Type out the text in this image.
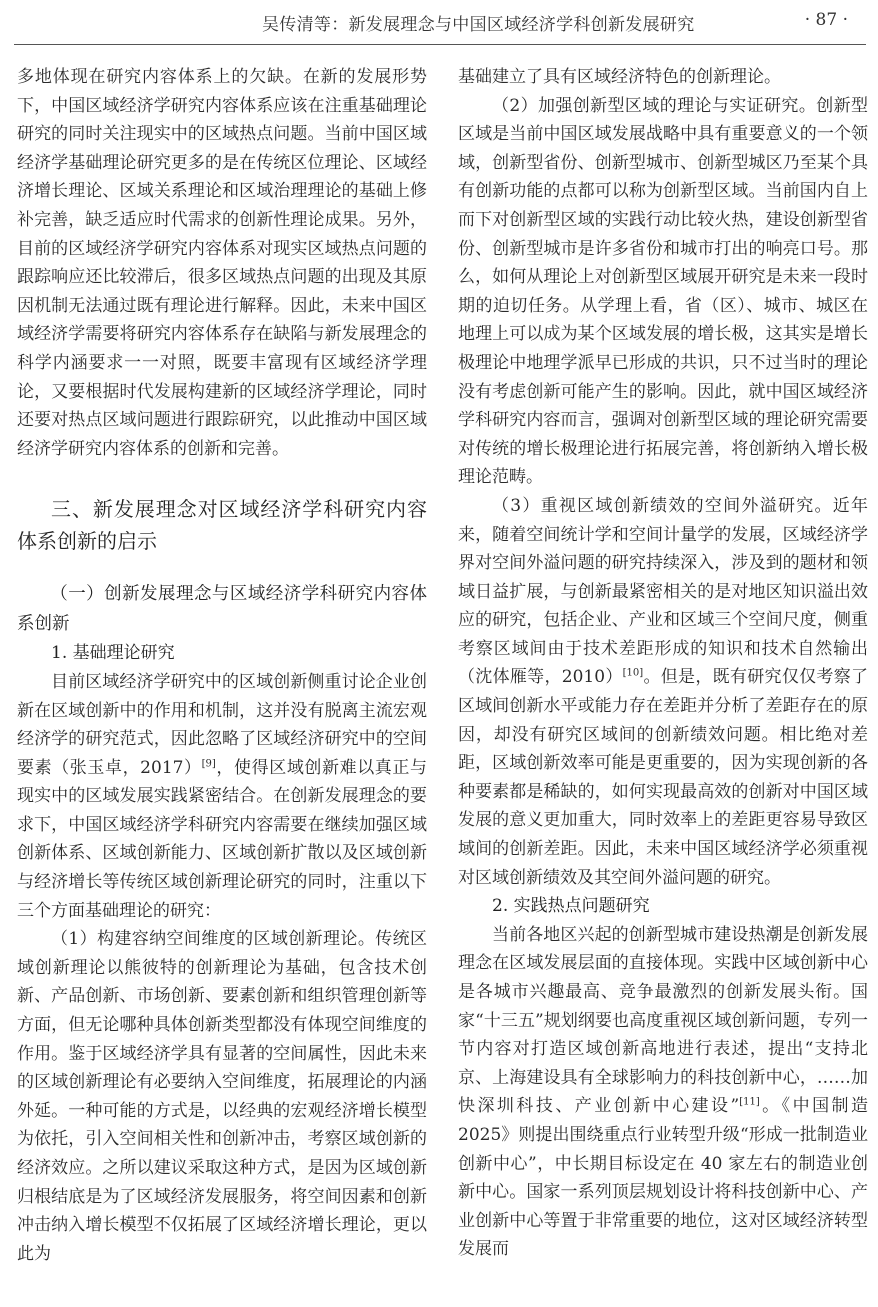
吴传清等：新发展理念与中国区域经济学科创新发展研究	· 87 ·

多地体现在研究内容体系上的欠缺。在新的发展形势下，中国区域经济学研究内容体系应该在注重基础理论研究的同时关注现实中的区域热点问题。当前中国区域经济学基础理论研究更多的是在传统区位理论、区域经济增长理论、区域关系理论和区域治理理论的基础上修补完善，缺乏适应时代需求的创新性理论成果。另外，目前的区域经济学研究内容体系对现实区域热点问题的跟踪响应还比较滞后，很多区域热点问题的出现及其原因机制无法通过既有理论进行解释。因此，未来中国区域经济学需要将研究内容体系存在缺陷与新发展理念的科学内涵要求一一对照，既要丰富现有区域经济学理论，又要根据时代发展构建新的区域经济学理论，同时还要对热点区域问题进行跟踪研究，以此推动中国区域经济学研究内容体系的创新和完善。

三、新发展理念对区域经济学科研究内容体系创新的启示

（一）创新发展理念与区域经济学科研究内容体系创新

1. 基础理论研究

目前区域经济学研究中的区域创新侧重讨论企业创新在区域创新中的作用和机制，这并没有脱离主流宏观经济学的研究范式，因此忽略了区域经济研究中的空间要素（张玉卓，2017）[9]，使得区域创新难以真正与现实中的区域发展实践紧密结合。在创新发展理念的要求下，中国区域经济学科研究内容需要在继续加强区域创新体系、区域创新能力、区域创新扩散以及区域创新与经济增长等传统区域创新理论研究的同时，注重以下三个方面基础理论的研究：

（1）构建容纳空间维度的区域创新理论。传统区域创新理论以熊彼特的创新理论为基础，包含技术创新、产品创新、市场创新、要素创新和组织管理创新等方面，但无论哪种具体创新类型都没有体现空间维度的作用。鉴于区域经济学具有显著的空间属性，因此未来的区域创新理论有必要纳入空间维度，拓展理论的内涵外延。一种可能的方式是，以经典的宏观经济增长模型为依托，引入空间相关性和创新冲击，考察区域创新的经济效应。之所以建议采取这种方式，是因为区域创新归根结底是为了区域经济发展服务，将空间因素和创新冲击纳入增长模型不仅拓展了区域经济增长理论，更以此为

基础建立了具有区域经济特色的创新理论。

（2）加强创新型区域的理论与实证研究。创新型区域是当前中国区域发展战略中具有重要意义的一个领域，创新型省份、创新型城市、创新型城区乃至某个具有创新功能的点都可以称为创新型区域。当前国内自上而下对创新型区域的实践行动比较火热，建设创新型省份、创新型城市是许多省份和城市打出的响亮口号。那么，如何从理论上对创新型区域展开研究是未来一段时期的迫切任务。从学理上看，省（区）、城市、城区在地理上可以成为某个区域发展的增长极，这其实是增长极理论中地理学派早已形成的共识，只不过当时的理论没有考虑创新可能产生的影响。因此，就中国区域经济学科研究内容而言，强调对创新型区域的理论研究需要对传统的增长极理论进行拓展完善，将创新纳入增长极理论范畴。

（3）重视区域创新绩效的空间外溢研究。近年来，随着空间统计学和空间计量学的发展，区域经济学界对空间外溢问题的研究持续深入，涉及到的题材和领域日益扩展，与创新最紧密相关的是对地区知识溢出效应的研究，包括企业、产业和区域三个空间尺度，侧重考察区域间由于技术差距形成的知识和技术自然输出（沈体雁等，2010）[10]。但是，既有研究仅仅考察了区域间创新水平或能力存在差距并分析了差距存在的原因，却没有研究区域间的创新绩效问题。相比绝对差距，区域创新效率可能是更重要的，因为实现创新的各种要素都是稀缺的，如何实现最高效的创新对中国区域发展的意义更加重大，同时效率上的差距更容易导致区域间的创新差距。因此，未来中国区域经济学必须重视对区域创新绩效及其空间外溢问题的研究。

2. 实践热点问题研究

当前各地区兴起的创新型城市建设热潮是创新发展理念在区域发展层面的直接体现。实践中区域创新中心是各城市兴趣最高、竞争最激烈的创新发展头衔。国家“十三五”规划纲要也高度重视区域创新问题，专列一节内容对打造区域创新高地进行表述，提出“支持北京、上海建设具有全球影响力的科技创新中心，……加快深圳科技、产业创新中心建设”[11]。《中国制造 2025》则提出围绕重点行业转型升级“形成一批制造业创新中心”，中长期目标设定在 40 家左右的制造业创新中心。国家一系列顶层规划设计将科技创新中心、产业创新中心等置于非常重要的地位，这对区域经济转型发展而
